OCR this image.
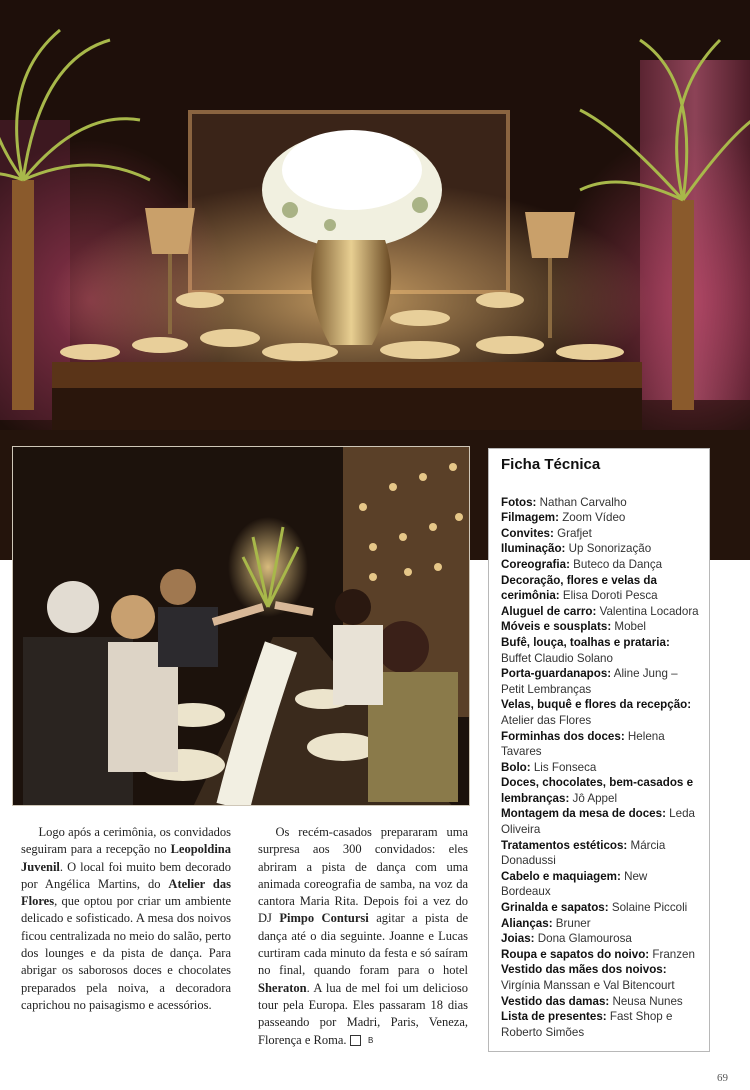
Ficha Técnica
Fotos: Nathan Carvalho
Filmagem: Zoom Vídeo
Convites: Grafjet
Iluminação: Up Sonorização
Coreografia: Buteco da Dança
Decoração, flores e velas da cerimônia: Elisa Doroti Pesca
Aluguel de carro: Valentina Locadora
Móveis e sousplats: Mobel
Bufê, louça, toalhas e prataria: Buffet Claudio Solano
Porta-guardanapos: Aline Jung – Petit Lembranças
Velas, buquê e flores da recepção: Atelier das Flores
Forminhas dos doces: Helena Tavares
Bolo: Lis Fonseca
Doces, chocolates, bem-casados e lembranças: Jô Appel
Montagem da mesa de doces: Leda Oliveira
Tratamentos estéticos: Márcia Donadussi
Cabelo e maquiagem: New Bordeaux
Grinalda e sapatos: Solaine Piccoli
Alianças: Bruner
Joias: Dona Glamourosa
Roupa e sapatos do noivo: Franzen
Vestido das mães dos noivos: Virgínia Manssan e Val Bitencourt
Vestido das damas: Neusa Nunes
Lista de presentes: Fast Shop e Roberto Simões

Logo após a cerimônia, os convidados seguiram para a recepção no Leopoldina Juvenil. O local foi muito bem decorado por Angélica Martins, do Atelier das Flores, que optou por criar um ambiente delicado e sofisticado. A mesa dos noivos ficou centralizada no meio do salão, perto dos lounges e da pista de dança. Para abrigar os saborosos doces e chocolates preparados pela noiva, a decoradora caprichou no paisagismo e acessórios.

Os recém-casados prepararam uma surpresa aos 300 convidados: eles abriram a pista de dança com uma animada coreografia de samba, na voz da cantora Maria Rita. Depois foi a vez do DJ Pimpo Contursi agitar a pista de dança até o dia seguinte. Joanne e Lucas curtiram cada minuto da festa e só saíram no final, quando foram para o hotel Sheraton. A lua de mel foi um delicioso tour pela Europa. Eles passaram 18 dias passeando por Madri, Paris, Veneza, Florença e Roma.	B

69
